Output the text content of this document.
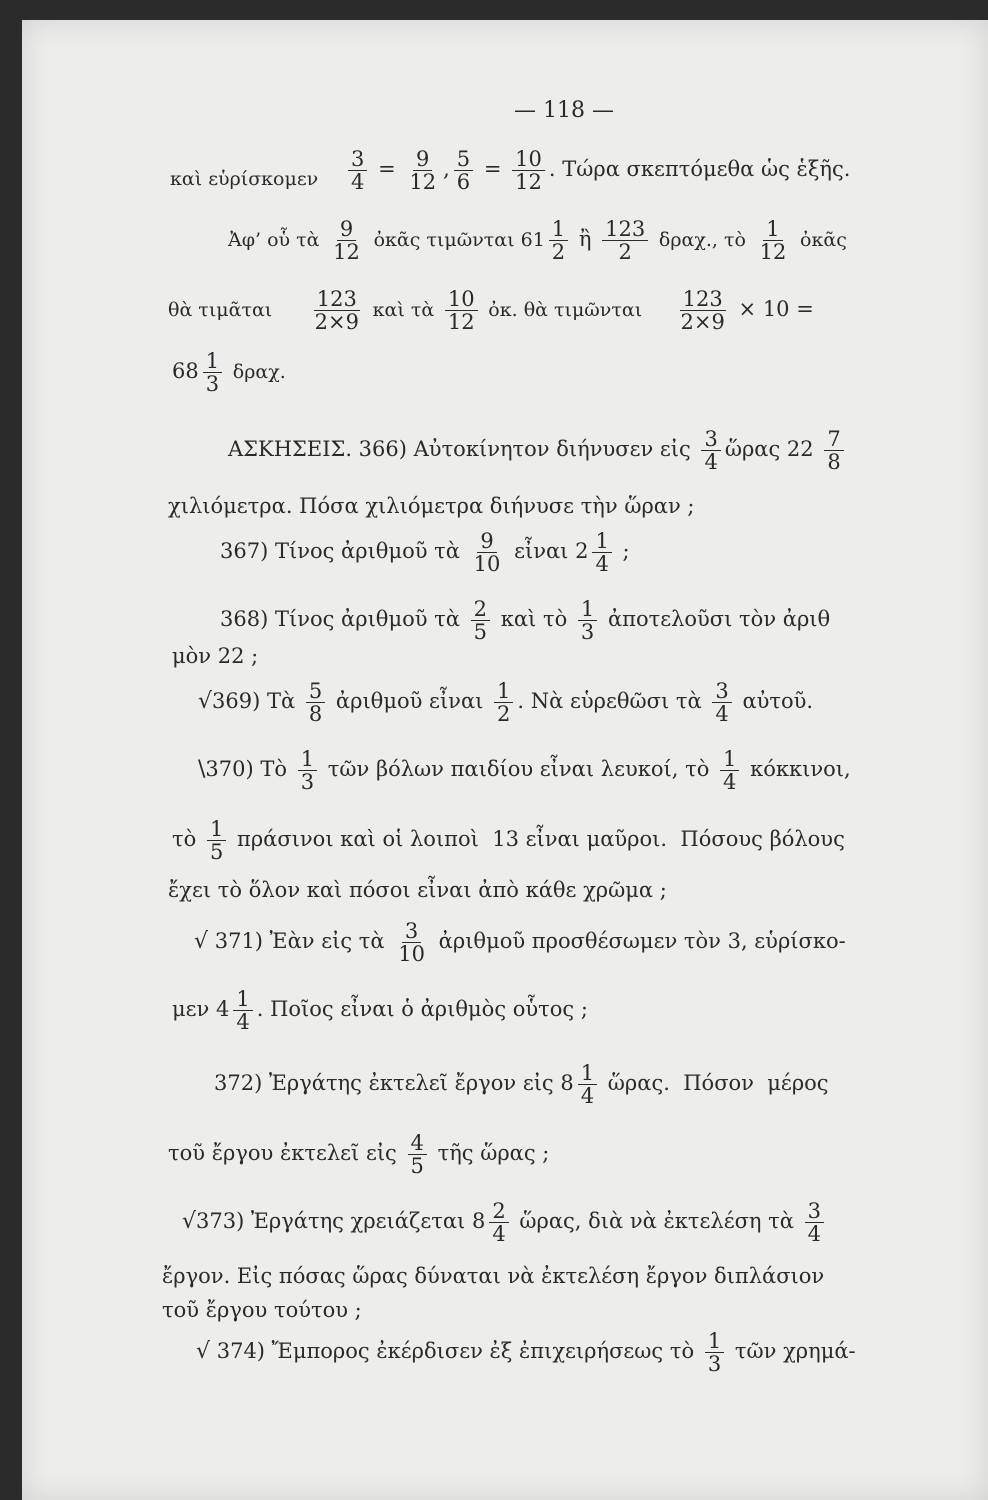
— 118 —
καὶ εὑρίσκομεν $\frac{3}{4} = \frac{9}{12}$ , $\frac{5}{6} = \frac{10}{12}$ . Τώρα σκεπτόμεθα ὡς ἑξῆς.
Ἀφ’ οὗ τὰ $\frac{9}{12}$ ὀκᾶς τιμῶνται $61 \frac{1}{2}$ ἢ $\frac{123}{2} \delta\rho\alpha\chi$., τὸ $\frac{1}{12}$ ὀκᾶς
θὰ τιμᾶται $\frac{123}{2\times 9}$ καὶ τὰ $\frac{10}{12}$ ὀκ. θὰ τιμῶνται $\frac{123}{2\times 9} \times 10$ =
$68 \frac{1}{3} \delta\rho\alpha\chi$.
ΑΣΚΗΣΕΙΣ. 366) Αὐτοκίνητον διήνυσεν εἰς $\frac{3}{4}$ ὥρας $22 \frac{7}{8}$
χιλιόμετρα. Πόσα χιλιόμετρα διήνυσε τὴν ὥραν ;
367) Τίνος ἀριθμοῦ τὰ $\frac{9}{10}$ εἶναι $2 \frac{1}{4}$ ;
368) Τίνος ἀριθμοῦ τὰ $\frac{2}{5}$ καὶ τὸ $\frac{1}{3}$ ἀποτελοῦσι τὸν ἀριθ
μὸν 22 ;
√369) Τὰ $\frac{5}{8}$ ἀριθμοῦ εἶναι $\frac{1}{2}$ . Νὰ εὑρεθῶσι τὰ $\frac{3}{4}$ αὐτοῦ.
\370) Τὸ $\frac{1}{3}$ τῶν βόλων παιδίου εἶναι λευκοί, τὸ $\frac{1}{4} \kappa ό\kappa\kappa\iota\nu o\iota$,
τὸ $\frac{1}{5}$ πράσινοι καὶ οἱ λοιποὶ  13 εἶναι μαῦροι.  Πόσους βόλους
ἔχει τὸ ὅλον καὶ πόσοι εἶναι ἀπὸ κάθε χρῶμα ;
√ 371) Ἐὰν εἰς τὰ $\frac{3}{10}$ ἀριθμοῦ προσθέσωμεν τὸν 3, εὑρίσκο-
μεν $4 \frac{1}{4}$ . Ποῖος εἶναι ὁ ἀριθμὸς οὗτος ;
372) Ἐργάτης ἐκτελεῖ ἔργον εἰς $8 \frac{1}{4}$ ὥρας.  Πόσον  μέρος
τοῦ ἔργου ἐκτελεῖ εἰς $\frac{4}{5}$ τῆς ὥρας ;
√373) Ἐργάτης χρειάζεται $8 \frac{2}{4}$ ὥρας, διὰ νὰ ἐκτελέση τὰ $\frac{3}{4}$
ἔργον. Εἰς πόσας ὥρας δύναται νὰ ἐκτελέση ἔργον διπλάσιον
τοῦ ἔργου τούτου ;
√ 374) Ἔμπορος ἐκέρδισεν ἐξ ἐπιχειρήσεως τὸ $\frac{1}{3}$ τῶν χρημά-
